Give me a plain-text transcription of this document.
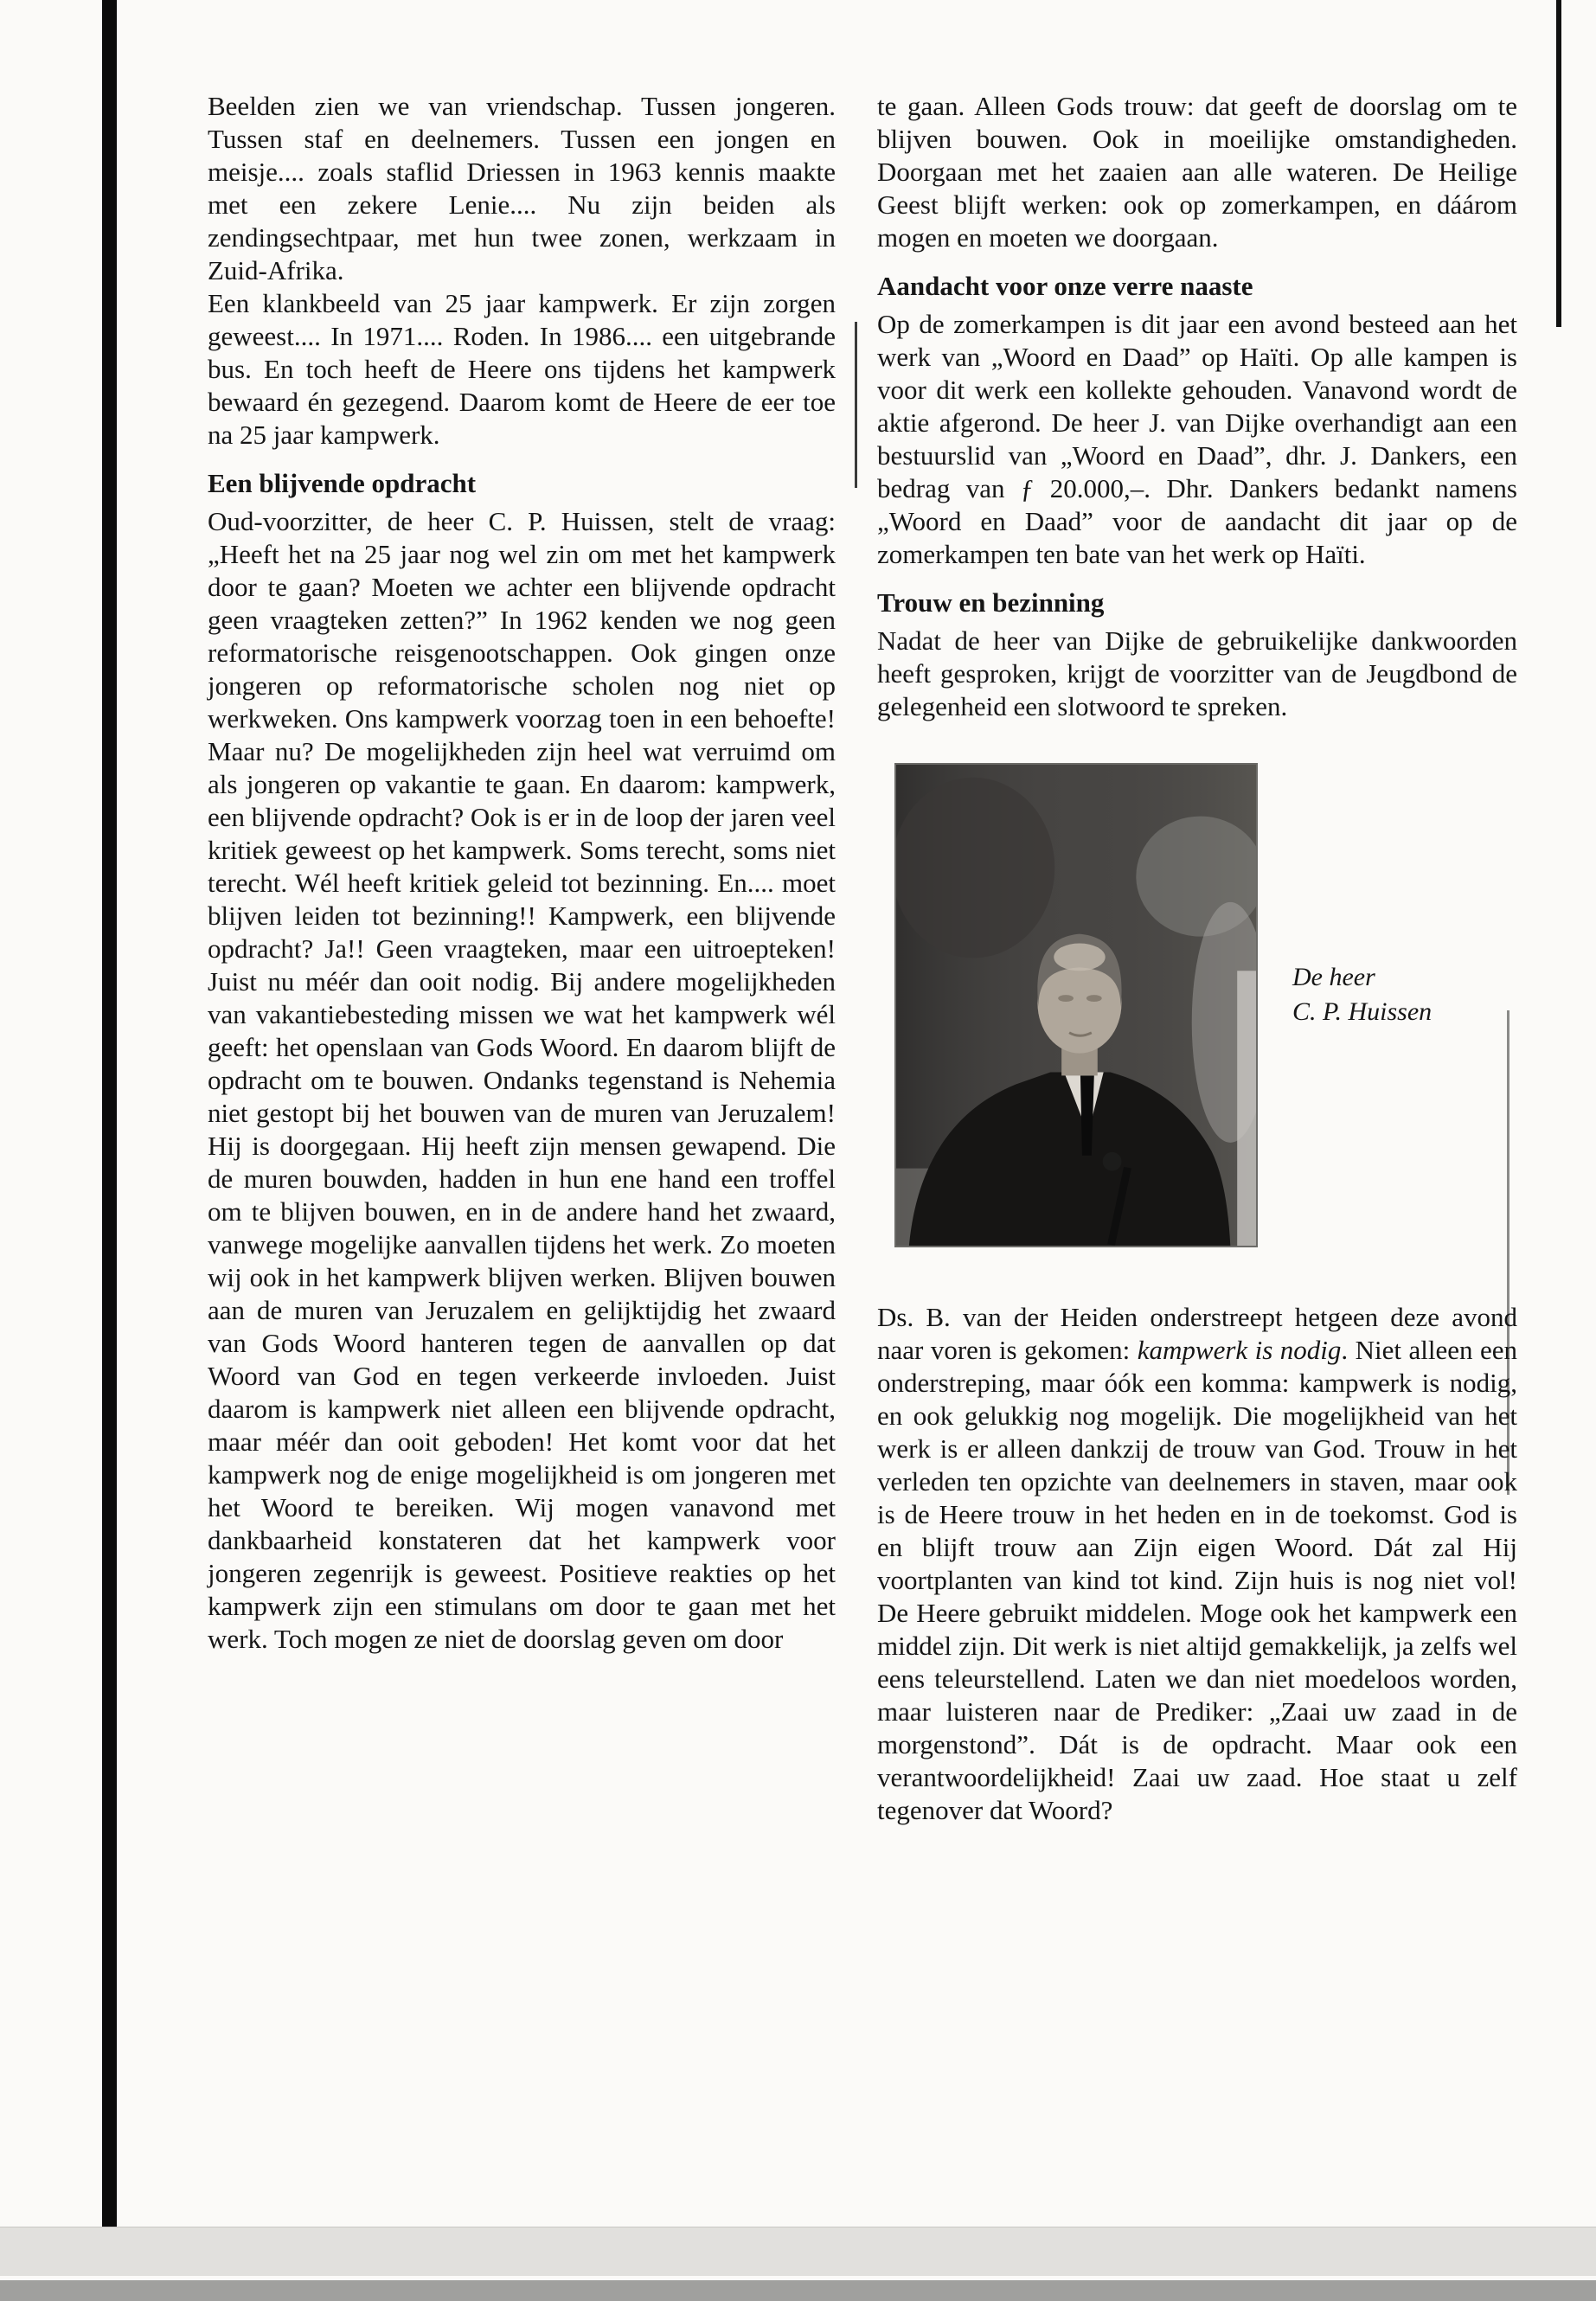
Beelden zien we van vriendschap. Tussen jongeren. Tussen staf en deelnemers. Tussen een jongen en meisje.... zoals staflid Driessen in 1963 kennis maakte met een zekere Lenie.... Nu zijn beiden als zendingsechtpaar, met hun twee zonen, werkzaam in Zuid-Afrika.

Een klankbeeld van 25 jaar kampwerk. Er zijn zorgen geweest.... In 1971.... Roden. In 1986.... een uitgebrande bus. En toch heeft de Heere ons tijdens het kampwerk bewaard én gezegend. Daarom komt de Heere de eer toe na 25 jaar kampwerk.

Een blijvende opdracht

Oud-voorzitter, de heer C. P. Huissen, stelt de vraag: „Heeft het na 25 jaar nog wel zin om met het kampwerk door te gaan? Moeten we achter een blijvende opdracht geen vraagteken zetten?” In 1962 kenden we nog geen reformatorische reisgenootschappen. Ook gingen onze jongeren op reformatorische scholen nog niet op werkweken. Ons kampwerk voorzag toen in een behoefte! Maar nu? De mogelijkheden zijn heel wat verruimd om als jongeren op vakantie te gaan. En daarom: kampwerk, een blijvende opdracht? Ook is er in de loop der jaren veel kritiek geweest op het kampwerk. Soms terecht, soms niet terecht. Wél heeft kritiek geleid tot bezinning. En.... moet blijven leiden tot bezinning!! Kampwerk, een blijvende opdracht? Ja!! Geen vraagteken, maar een uitroepteken! Juist nu méér dan ooit nodig. Bij andere mogelijkheden van vakantiebesteding missen we wat het kampwerk wél geeft: het openslaan van Gods Woord. En daarom blijft de opdracht om te bouwen. Ondanks tegenstand is Nehemia niet gestopt bij het bouwen van de muren van Jeruzalem! Hij is doorgegaan. Hij heeft zijn mensen gewapend. Die de muren bouwden, hadden in hun ene hand een troffel om te blijven bouwen, en in de andere hand het zwaard, vanwege mogelijke aanvallen tijdens het werk. Zo moeten wij ook in het kampwerk blijven werken. Blijven bouwen aan de muren van Jeruzalem en gelijktijdig het zwaard van Gods Woord hanteren tegen de aanvallen op dat Woord van God en tegen verkeerde invloeden. Juist daarom is kampwerk niet alleen een blijvende opdracht, maar méér dan ooit geboden! Het komt voor dat het kampwerk nog de enige mogelijkheid is om jongeren met het Woord te bereiken. Wij mogen vanavond met dankbaarheid konstateren dat het kampwerk voor jongeren zegenrijk is geweest. Positieve reakties op het kampwerk zijn een stimulans om door te gaan met het werk. Toch mogen ze niet de doorslag geven om door

te gaan. Alleen Gods trouw: dat geeft de doorslag om te blijven bouwen. Ook in moeilijke omstandigheden. Doorgaan met het zaaien aan alle wateren. De Heilige Geest blijft werken: ook op zomerkampen, en dáárom mogen en moeten we doorgaan.

Aandacht voor onze verre naaste

Op de zomerkampen is dit jaar een avond besteed aan het werk van „Woord en Daad” op Haïti. Op alle kampen is voor dit werk een kollekte gehouden. Vanavond wordt de aktie afgerond. De heer J. van Dijke overhandigt aan een bestuurslid van „Woord en Daad”, dhr. J. Dankers, een bedrag van ƒ 20.000,–. Dhr. Dankers bedankt namens „Woord en Daad” voor de aandacht dit jaar op de zomerkampen ten bate van het werk op Haïti.

Trouw en bezinning

Nadat de heer van Dijke de gebruikelijke dankwoorden heeft gesproken, krijgt de voorzitter van de Jeugdbond de gelegenheid een slotwoord te spreken.

De heer
C. P. Huissen

Ds. B. van der Heiden onderstreept hetgeen deze avond naar voren is gekomen: kampwerk is nodig. Niet alleen een onderstreping, maar óók een komma: kampwerk is nodig, en ook gelukkig nog mogelijk. Die mogelijkheid van het werk is er alleen dankzij de trouw van God. Trouw in het verleden ten opzichte van deelnemers in staven, maar ook is de Heere trouw in het heden en in de toekomst. God is en blijft trouw aan Zijn eigen Woord. Dát zal Hij voortplanten van kind tot kind. Zijn huis is nog niet vol! De Heere gebruikt middelen. Moge ook het kampwerk een middel zijn. Dit werk is niet altijd gemakkelijk, ja zelfs wel eens teleurstellend. Laten we dan niet moedeloos worden, maar luisteren naar de Prediker: „Zaai uw zaad in de morgenstond”. Dát is de opdracht. Maar ook een verantwoordelijkheid! Zaai uw zaad. Hoe staat u zelf tegenover dat Woord?
